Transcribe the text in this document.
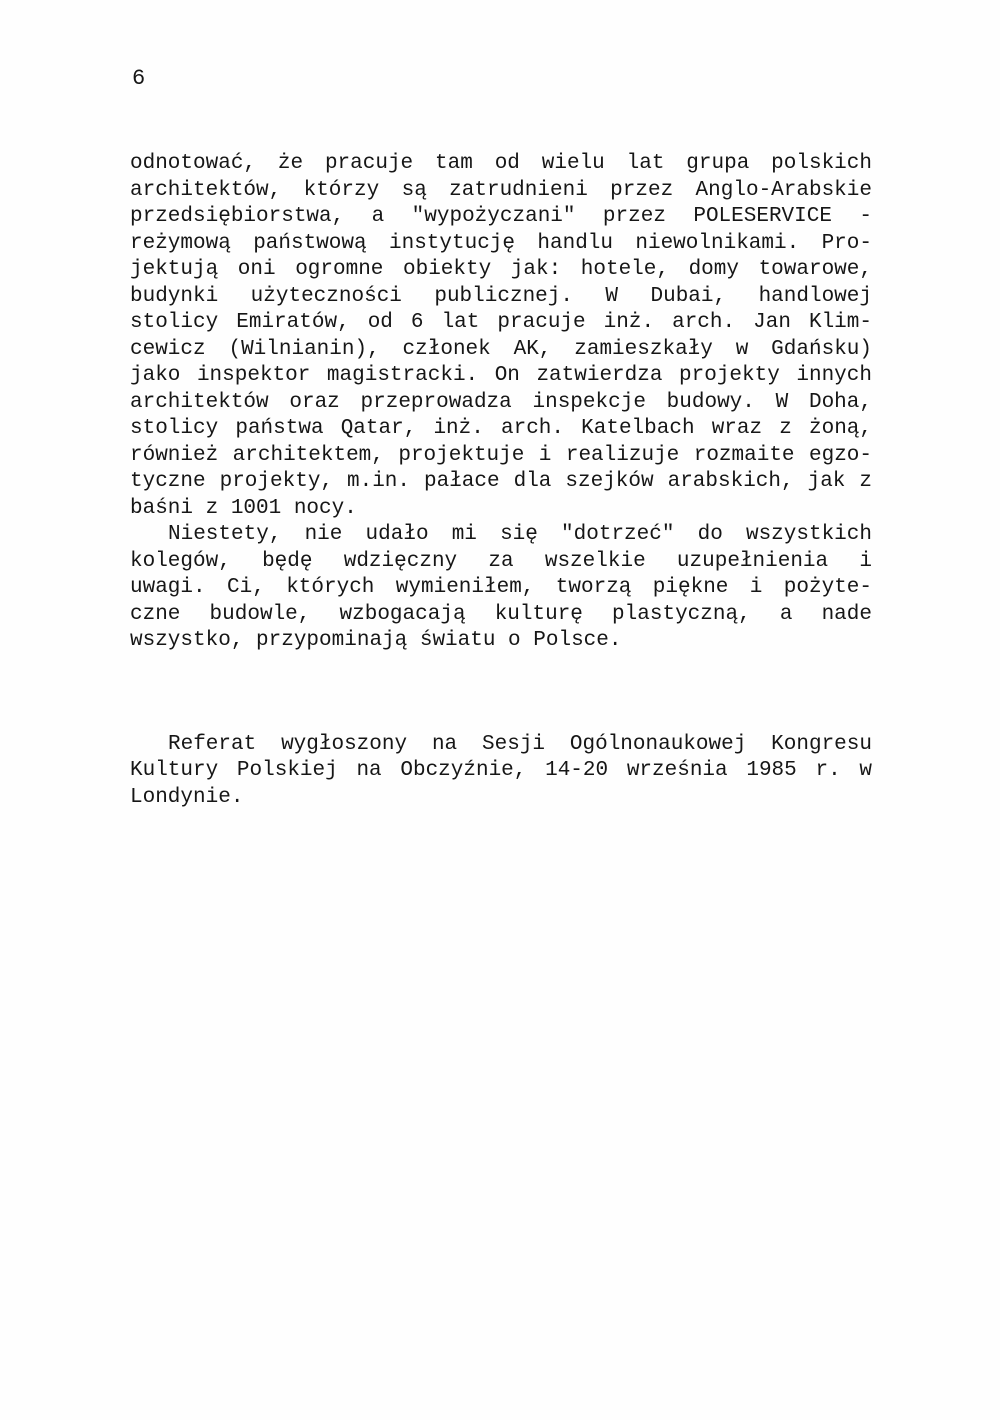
6
odnotować, że pracuje tam od wielu lat grupa polskich
architektów, którzy są zatrudnieni przez Anglo-Arabskie
przedsiębiorstwa, a "wypożyczani" przez POLESERVICE -
reżymową państwową instytucję handlu niewolnikami. Pro-
jektują oni ogromne obiekty jak: hotele, domy towarowe,
budynki użyteczności publicznej. W Dubai, handlowej
stolicy Emiratów, od 6 lat pracuje inż. arch. Jan Klim-
cewicz (Wilnianin), członek AK, zamieszkały w Gdańsku)
jako inspektor magistracki. On zatwierdza projekty innych
architektów oraz przeprowadza inspekcje budowy. W Doha,
stolicy państwa Qatar, inż. arch. Katelbach wraz z żoną,
również architektem, projektuje i realizuje rozmaite egzo-
tyczne projekty, m.in. pałace dla szejków arabskich, jak z
baśni z 1001 nocy.
Niestety, nie udało mi się "dotrzeć" do wszystkich
kolegów, będę wdzięczny za wszelkie uzupełnienia i
uwagi. Ci, których wymieniłem, tworzą piękne i pożyte-
czne budowle, wzbogacają kulturę plastyczną, a nade
wszystko, przypominają światu o Polsce.
Referat wygłoszony na Sesji Ogólnonaukowej Kongresu
Kultury Polskiej na Obczyźnie, 14-20 września 1985 r. w
Londynie.
